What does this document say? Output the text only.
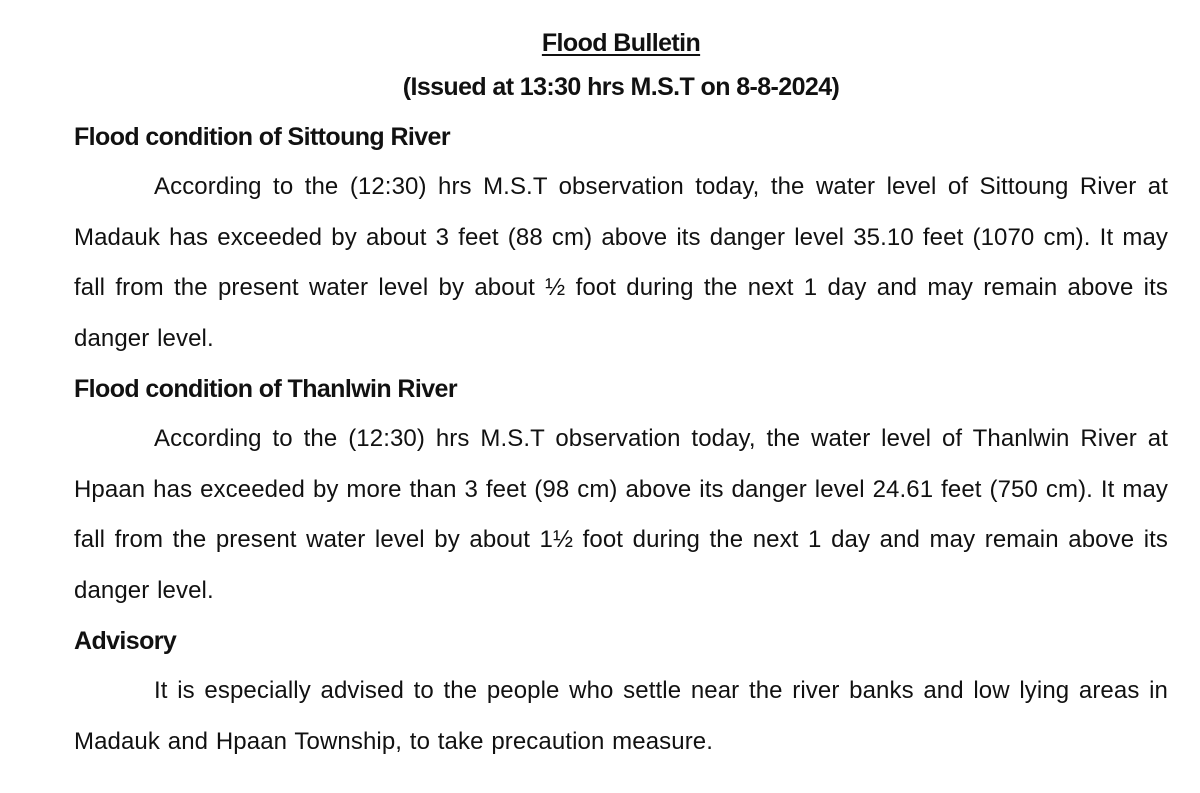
Flood Bulletin

(Issued at 13:30 hrs M.S.T on 8-8-2024)

Flood condition of Sittoung River

According to the (12:30) hrs M.S.T observation today, the water level of Sittoung River at Madauk has exceeded by about 3 feet (88 cm) above its danger level 35.10 feet (1070 cm). It may fall from the present water level by about ½ foot during the next 1 day and may remain above its danger level.

Flood condition of Thanlwin River

According to the (12:30) hrs M.S.T observation today, the water level of Thanlwin River at Hpaan has exceeded by more than 3 feet (98 cm) above its danger level 24.61 feet (750 cm). It may fall from the present water level by about 1½ foot during the next 1 day and may remain above its danger level.

Advisory

It is especially advised to the people who settle near the river banks and low lying areas in Madauk and Hpaan Township, to take precaution measure.
